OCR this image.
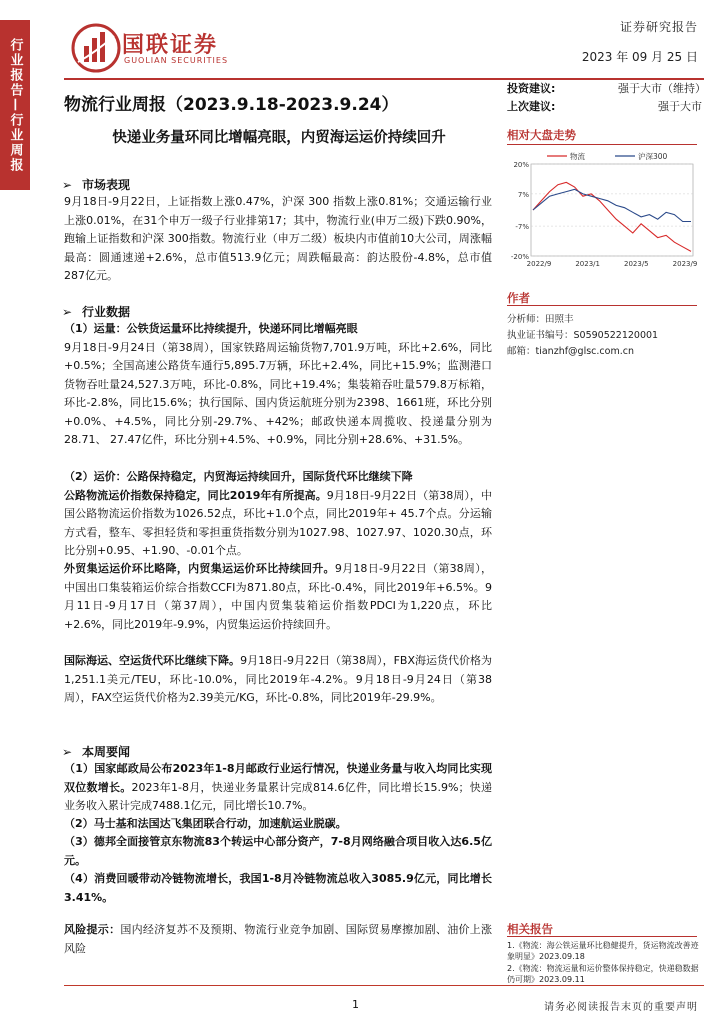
行业报告—行业周报	国联证券
GUOLIAN SECURITIES
证券研究报告
2023 年 09 月 25 日
物流行业周报（2023.9.18-2023.9.24）
快递业务量环同比增幅亮眼，内贸海运运价持续回升
投资建议:	强于大市（维持）
上次建议:	强于大市
相对大盘走势
物流	沪深300
20%
7%
-7%
-20%
2022/9	2023/1	2023/5	2023/9
作者
分析师：田照丰
执业证书编号：S0590522120001
邮箱：tianzhf@glsc.com.cn
相关报告
1.《物流：海公铁运量环比稳健提升，货运物流改善迹象明显》2023.09.18
2.《物流：物流运量和运价整体保持稳定，快递稳数据仍可期》2023.09.11
➢ 市场表现
9月18日-9月22日，上证指数上涨0.47%，沪深 300 指数上涨0.81%；交通运输行业上涨0.01%，在31个申万一级子行业排第17；其中，物流行业(申万二级)下跌0.90%，跑输上证指数和沪深 300指数。物流行业（申万二级）板块内市值前10大公司，周涨幅最高：圆通速递+2.6%，总市值513.9亿元；周跌幅最高：韵达股份-4.8%，总市值287亿元。
➢ 行业数据
（1）运量：公铁货运量环比持续提升，快递环同比增幅亮眼
9月18日-9月24日（第38周），国家铁路周运输货物7,701.9万吨，环比+2.6%，同比+0.5%；全国高速公路货车通行5,895.7万辆，环比+2.4%，同比+15.9%；监测港口货物吞吐量24,527.3万吨，环比-0.8%，同比+19.4%；集装箱吞吐量579.8万标箱，环比-2.8%，同比15.6%；执行国际、国内货运航班分别为2398、1661班，环比分别+0.0%、+4.5%，同比分别-29.7%、+42%；邮政快递本周揽收、投递量分别为28.71、 27.47亿件，环比分别+4.5%、+0.9%，同比分别+28.6%、+31.5%。
（2）运价：公路保持稳定，内贸海运持续回升，国际货代环比继续下降
公路物流运价指数保持稳定，同比2019年有所提高。9月18日-9月22日（第38周），中国公路物流运价指数为1026.52点，环比+1.0个点，同比2019年+ 45.7个点。分运输方式看，整车、零担轻货和零担重货指数分别为1027.98、1027.97、1020.30点，环比分别+0.95、+1.90、-0.01个点。
外贸集运运价环比略降，内贸集运运价环比持续回升。9月18日-9月22日（第38周），中国出口集装箱运价综合指数CCFI为871.80点，环比-0.4%，同比2019年+6.5%。9月11日-9月17日（第37周），中国内贸集装箱运价指数PDCI为1,220点，环比+2.6%，同比2019年-9.9%，内贸集运运价持续回升。
国际海运、空运货代环比继续下降。9月18日-9月22日（第38周），FBX海运货代价格为1,251.1美元/TEU，环比-10.0%，同比2019年-4.2%。9月18日-9月24日（第38周），FAX空运货代价格为2.39美元/KG，环比-0.8%，同比2019年-29.9%。
➢ 本周要闻
（1）国家邮政局公布2023年1-8月邮政行业运行情况，快递业务量与收入均同比实现双位数增长。2023年1-8月，快递业务量累计完成814.6亿件，同比增长15.9%；快递业务收入累计完成7488.1亿元，同比增长10.7%。
（2）马士基和法国达飞集团联合行动，加速航运业脱碳。
（3）德邦全面接管京东物流83个转运中心部分资产，7-8月网络融合项目收入达6.5亿元。
（4）消费回暖带动冷链物流增长，我国1-8月冷链物流总收入3085.9亿元，同比增长3.41%。
风险提示：国内经济复苏不及预期、物流行业竞争加剧、国际贸易摩擦加剧、油价上涨风险
1	请务必阅读报告末页的重要声明
